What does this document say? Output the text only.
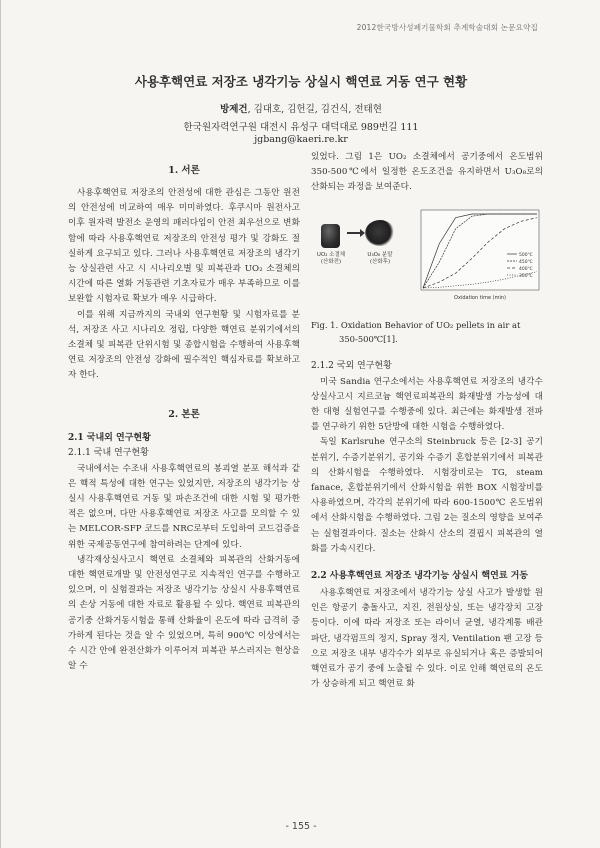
2012한국방사성폐기물학회 추계학술대회 논문요약집
사용후핵연료 저장조 냉각기능 상실시 핵연료 거동 연구 현황
방제건, 김대호, 김헌길, 김건식, 전태현
한국원자력연구원 대전시 유성구 대덕대로 989번길 111
jgbang@kaeri.re.kr
1. 서론

사용후핵연료 저장조의 안전성에 대한 관심은 그동안 원전의 안전성에 비교하여 매우 미미하였다. 후쿠시마 원전사고 이후 원자력 발전소 운영의 패러다임이 안전 최우선으로 변화함에 따라 사용후핵연료 저장조의 안전성 평가 및 강화도 절실하게 요구되고 있다. 그러나 사용후핵연료 저장조의 냉각기능 상실관련 사고 시 시나리오별 및 피복관과 UO₂ 소결체의 시간에 따른 열화 거동관련 기초자료가 매우 부족하므로 이를 보완할 시험자료 확보가 매우 시급하다.

이를 위해 지금까지의 국내외 연구현황 및 시험자료를 분석, 저장조 사고 시나리오 정립, 다양한 핵연료 분위기에서의 소결체 및 피복관 단위시험 및 종합시험을 수행하여 사용후핵연료 저장조의 안전성 강화에 필수적인 핵심자료를 확보하고자 한다.

2. 본론
2.1 국내외 연구현황
2.1.1 국내 연구현황

국내에서는 수조내 사용후핵연료의 봉괴열 분포 해석과 같은 핵적 특성에 대한 연구는 있었지만, 저장조의 냉각기능 상실시 사용후핵연료 거동 및 파손조건에 대한 시험 및 평가한 적은 없으며, 다만 사용후핵연료 저장조 사고를 모의할 수 있는 MELCOR-SFP 코드를 NRC로부터 도입하여 코드검증을 위한 국제공동연구에 참여하려는 단계에 있다.

냉각재상실사고시 핵연료 소결체와 피복관의 산화거동에 대한 핵연료개발 및 안전성연구로 지속적인 연구를 수행하고 있으며, 이 실험결과는 저장조 냉각기능 상실시 사용후핵연료의 손상 거동에 대한 자료로 활용될 수 있다. 핵연료 피복관의 공기중 산화거동시험을 통해 산화율이 온도에 따라 급격히 증가하게 된다는 것을 알 수 있었으며, 특히 900℃ 이상에서는 수 시간 안에 완전산화가 이루어져 피복관 부스러지는 현상을 알 수

있었다. 그림 1은 UO₂ 소결체에서 공기중에서 온도범위 350-500℃에서 일정한 온도조건을 유지하면서 U₃O₈로의 산화되는 과정을 보여준다.

UO₂ 소결체
(산화전)
U₃O₈ 분말
(산화후)
500℃
450℃
400℃
350℃
Oxidation time (min)
Fig. 1. Oxidation Behavior of UO₂ pellets in air at
350-500℃[1].
2.1.2 국외 연구현황

미국 Sandia 연구소에서는 사용후핵연료 저장조의 냉각수 상실사고시 지르코늄 핵연료피복관의 화재발생 가능성에 대한 대형 실험연구를 수행중에 있다. 최근에는 화재발생 전파를 연구하기 위한 5단방에 대한 시험을 수행하였다.

독일 Karlsruhe 연구소의 Steinbruck 등은 [2-3] 공기분위기, 수증기분위기, 공기와 수증기 혼합분위기에서 피복관의 산화시험을 수행하였다. 시험장비로는 TG, steam fanace, 혼합분위기에서 산화시험을 위한 BOX 시험장비를 사용하였으며, 각각의 분위기에 따라 600-1500℃ 온도범위에서 산화시험을 수행하였다. 그림 2는 질소의 영향을 보여주는 실험결과이다. 질소는 산화시 산소의 결핍시 피복관의 열화를 가속시킨다.

2.2 사용후핵연료 저장조 냉각기능 상실시 핵연료 거동

사용후핵연료 저장조에서 냉각기능 상실 사고가 발생할 원인은 항공기 충돌사고, 지진, 전원상실, 또는 냉각장치 고장 등이다. 이에 따라 저장조 또는 라이너 균열, 냉각계통 배관 파단, 냉각펌프의 정지, Spray 정지, Ventilation 팬 고장 등으로 저장조 내부 냉각수가 외부로 유실되거나 혹은 증발되어 핵연료가 공기 중에 노출될 수 있다. 이로 인해 핵연료의 온도가 상승하게 되고 핵연료 화

- 155 -
